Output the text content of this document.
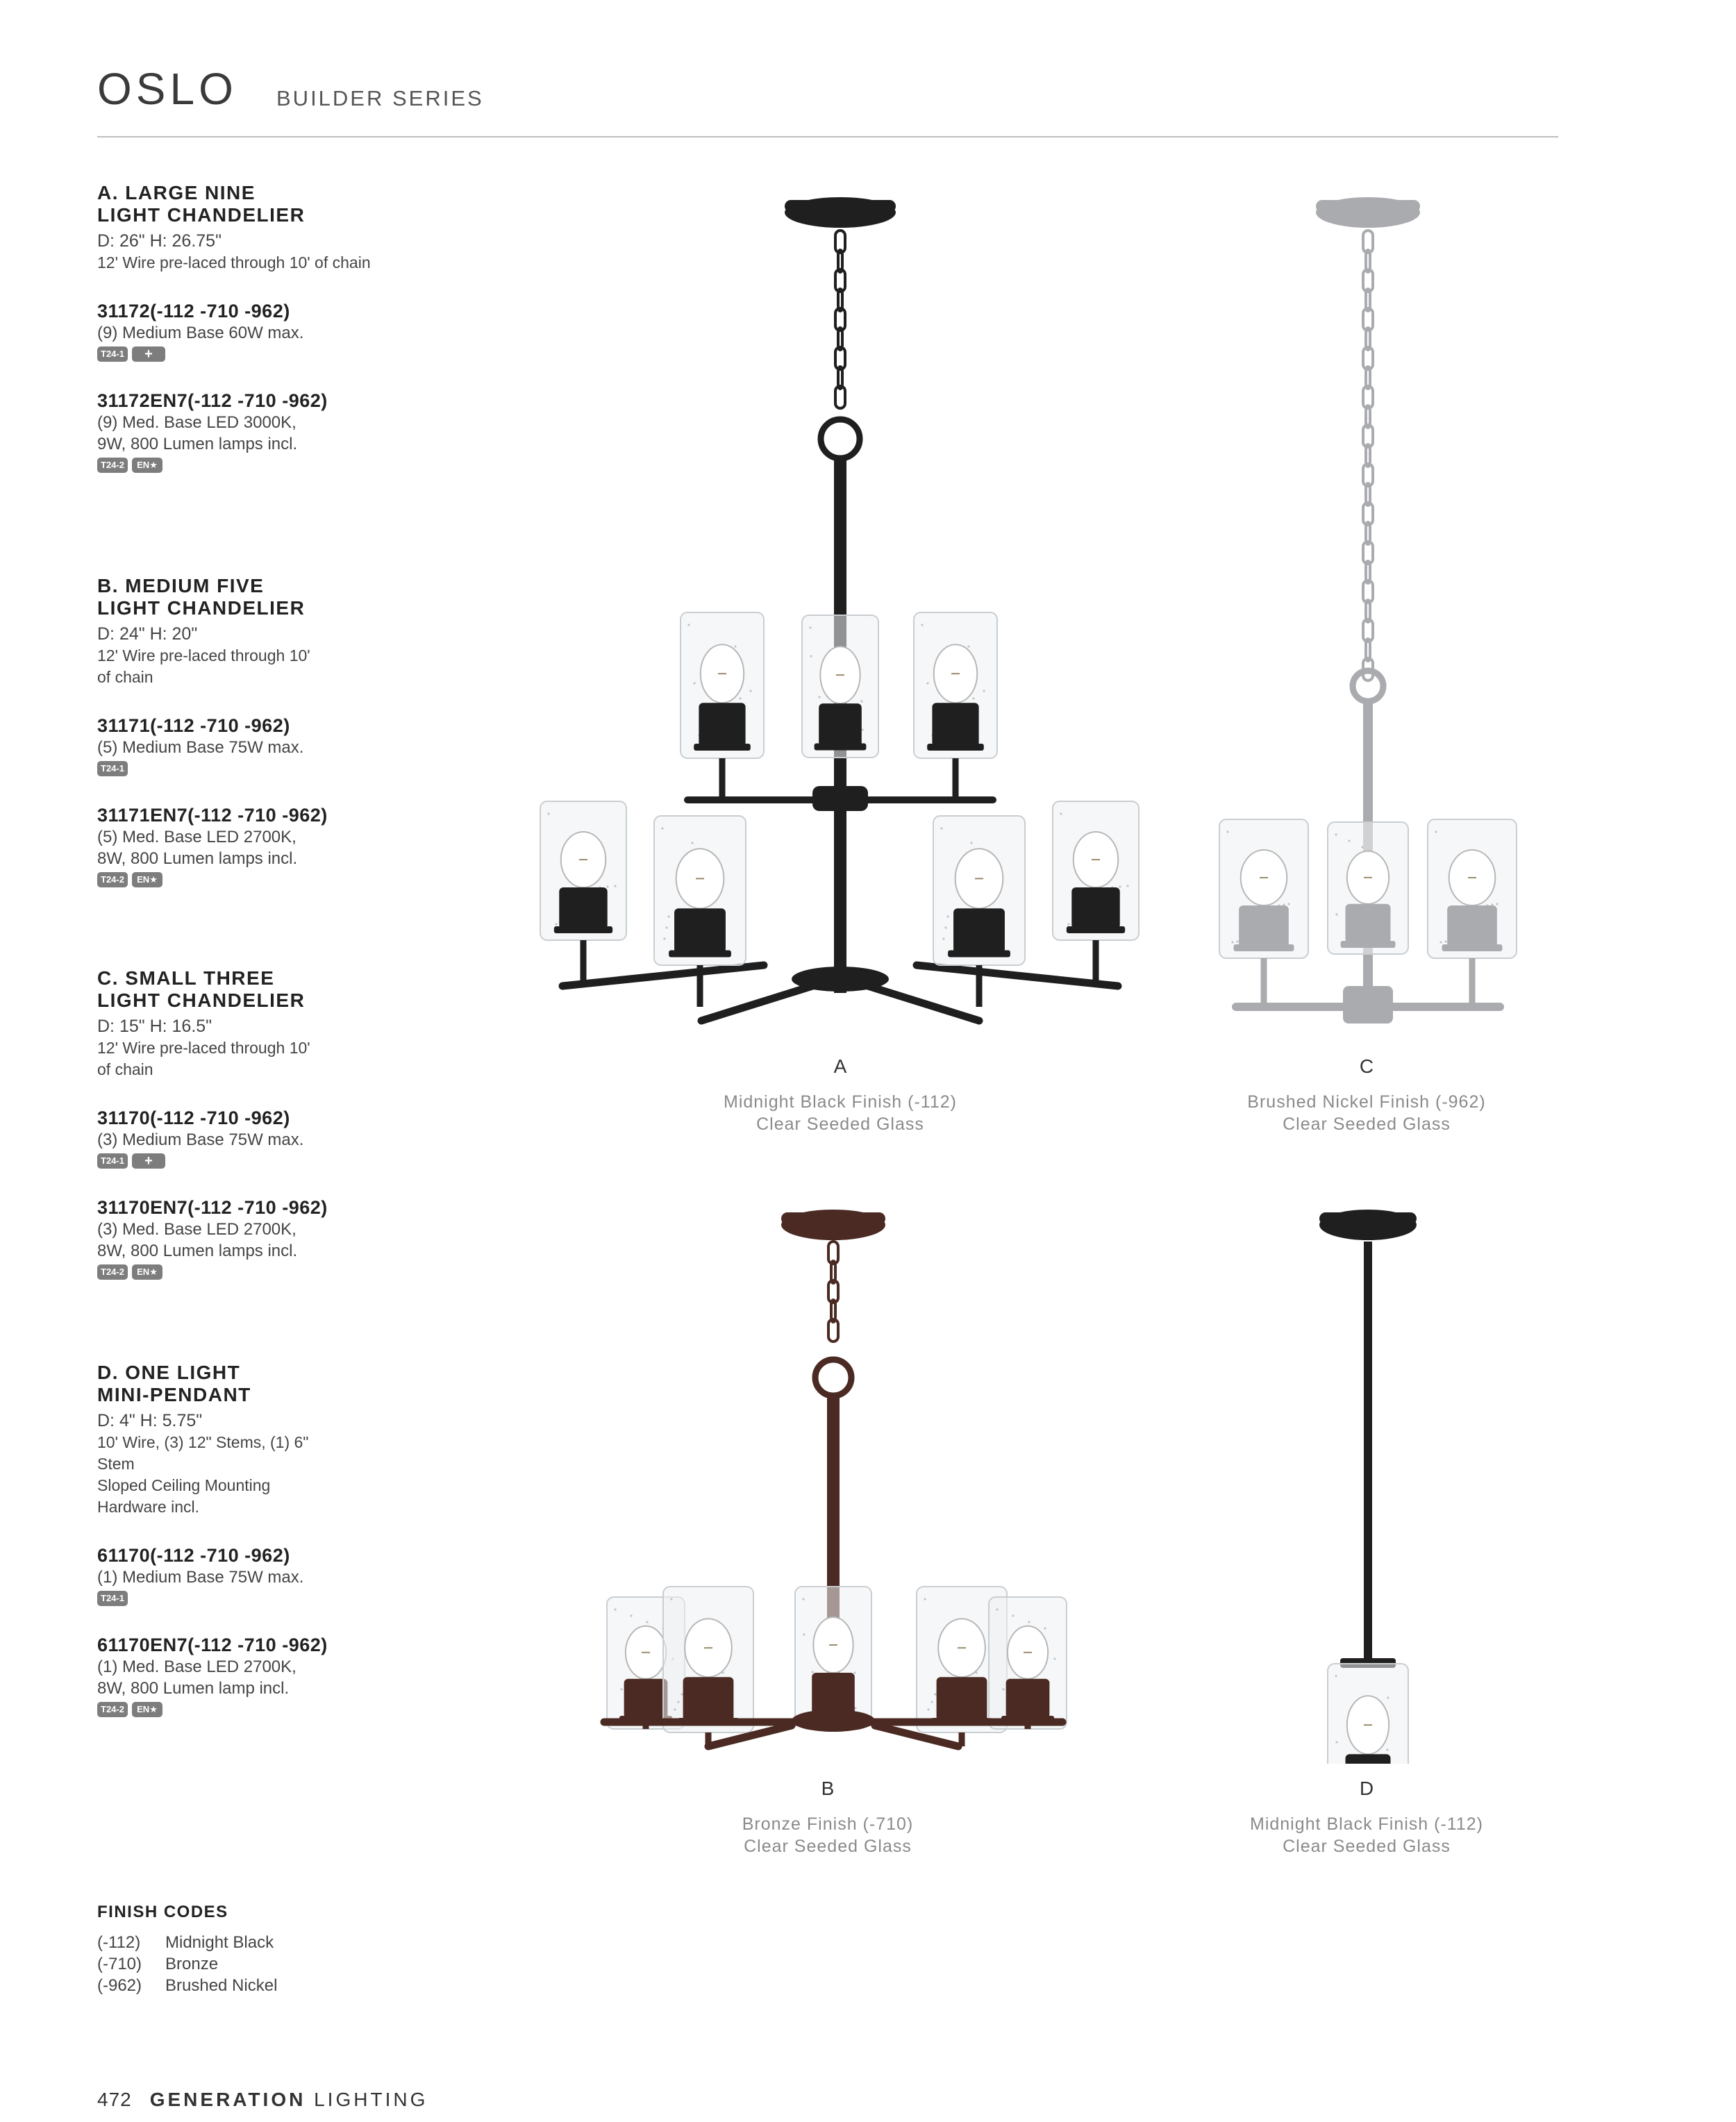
OSLO BUILDER SERIES
A. LARGE NINE
LIGHT CHANDELIER
D: 26" H: 26.75"
12' Wire pre-laced through 10' of chain
31172(-112 -710 -962)
(9) Medium Base 60W max.
T24-1 +
31172EN7(-112 -710 -962)
(9) Med. Base LED 3000K,
9W, 800 Lumen lamps incl.
T24-2 EN★
B. MEDIUM FIVE
LIGHT CHANDELIER
D: 24" H: 20"
12' Wire pre-laced through 10'
of chain
31171(-112 -710 -962)
(5) Medium Base 75W max.
T24-1
31171EN7(-112 -710 -962)
(5) Med. Base LED 2700K,
8W, 800 Lumen lamps incl.
T24-2 EN★
C. SMALL THREE
LIGHT CHANDELIER
D: 15" H: 16.5"
12' Wire pre-laced through 10'
of chain
31170(-112 -710 -962)
(3) Medium Base 75W max.
T24-1 +
31170EN7(-112 -710 -962)
(3) Med. Base LED 2700K,
8W, 800 Lumen lamps incl.
T24-2 EN★
D. ONE LIGHT
MINI-PENDANT
D: 4" H: 5.75"
10' Wire, (3) 12" Stems, (1) 6"
Stem
Sloped Ceiling Mounting
Hardware incl.
61170(-112 -710 -962)
(1) Medium Base 75W max.
T24-1
61170EN7(-112 -710 -962)
(1) Med. Base LED 2700K,
8W, 800 Lumen lamp incl.
T24-2 EN★
A
Midnight Black Finish (-112)
Clear Seeded Glass
C
Brushed Nickel Finish (-962)
Clear Seeded Glass
B
Bronze Finish (-710)
Clear Seeded Glass
D
Midnight Black Finish (-112)
Clear Seeded Glass
FINISH CODES
(-112) Midnight Black
(-710) Bronze
(-962) Brushed Nickel
472 GENERATION LIGHTING
